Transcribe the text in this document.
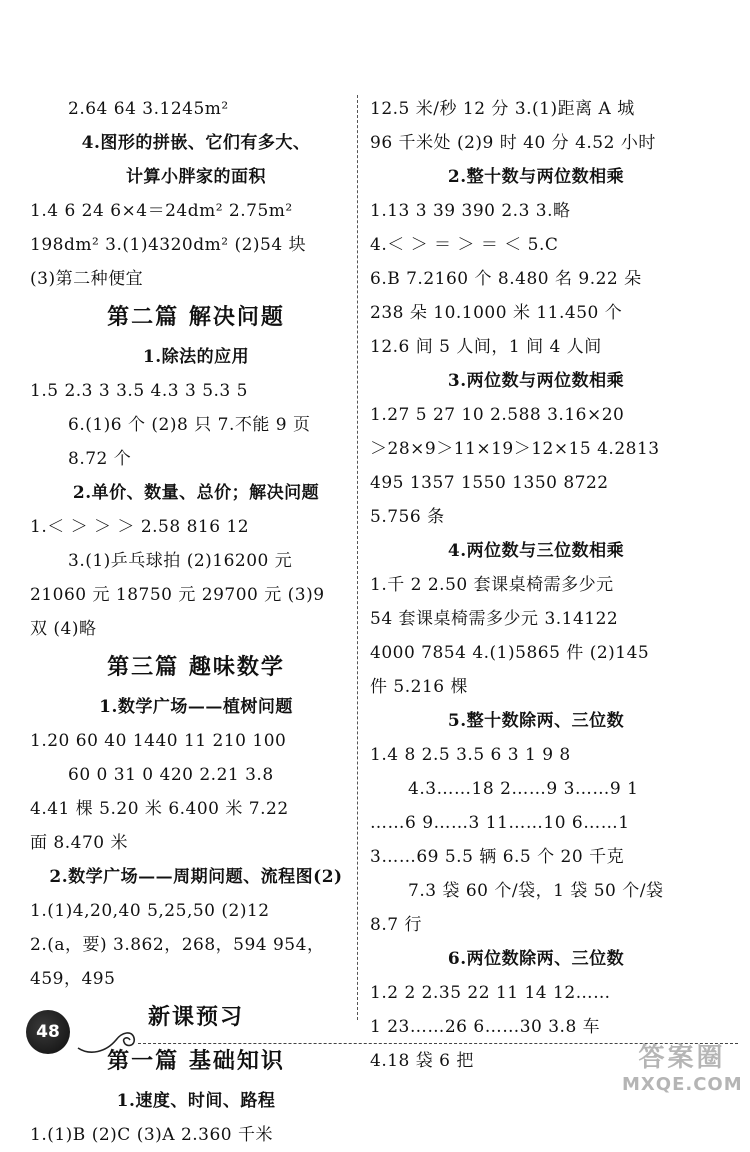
2.64 64 3.1245m²
4.图形的拼嵌、它们有多大、
计算小胖家的面积
1.4 6 24 6×4＝24dm² 2.75m²
198dm² 3.(1)4320dm² (2)54 块
(3)第二种便宜
第二篇 解决问题
1.除法的应用
1.5 2.3 3 3.5 4.3 3 5.3 5
6.(1)6 个 (2)8 只 7.不能 9 页
8.72 个
2.单价、数量、总价；解决问题
1.＜ ＞ ＞ ＞ 2.58 816 12
3.(1)乒乓球拍 (2)16200 元
21060 元 18750 元 29700 元 (3)9
双 (4)略
第三篇 趣味数学
1.数学广场——植树问题
1.20 60 40 1440 11 210 100
60 0 31 0 420 2.21 3.8
4.41 棵 5.20 米 6.400 米 7.22
面 8.470 米
2.数学广场——周期问题、流程图(2)
1.(1)4,20,40 5,25,50 (2)12
2.(a，要) 3.862，268，594 954，
459，495
新课预习
第一篇 基础知识
1.速度、时间、路程
1.(1)B (2)C (3)A 2.360 千米
12.5 米/秒 12 分 3.(1)距离 A 城
96 千米处 (2)9 时 40 分 4.52 小时
2.整十数与两位数相乘
1.13 3 39 390 2.3 3.略
4.＜ ＞ ＝ ＞ ＝ ＜ 5.C
6.B 7.2160 个 8.480 名 9.22 朵
238 朵 10.1000 米 11.450 个
12.6 间 5 人间，1 间 4 人间
3.两位数与两位数相乘
1.27 5 27 10 2.588 3.16×20
＞28×9＞11×19＞12×15 4.2813
495 1357 1550 1350 8722
5.756 条
4.两位数与三位数相乘
1.千 2 2.50 套课桌椅需多少元
54 套课桌椅需多少元 3.14122
4000 7854 4.(1)5865 件 (2)145
件 5.216 棵
5.整十数除两、三位数
1.4 8 2.5 3.5 6 3 1 9 8
4.3……18 2……9 3……9 1
……6 9……3 11……10 6……1
3……69 5.5 辆 6.5 个 20 千克
7.3 袋 60 个/袋，1 袋 50 个/袋
8.7 行
6.两位数除两、三位数
1.2 2 2.35 22 11 14 12……
1 23……26 6……30 3.8 车
4.18 袋 6 把
48
答案圈
MXQE.COM
